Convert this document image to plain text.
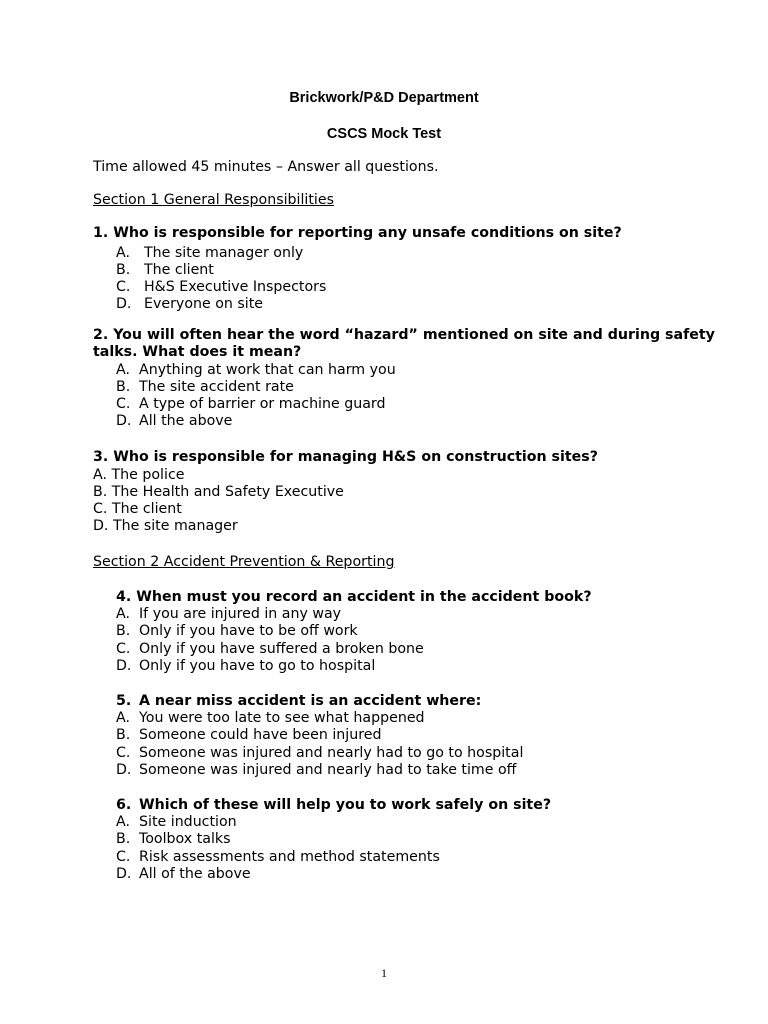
Brickwork/P&D Department
CSCS Mock Test
Time allowed 45 minutes – Answer all questions.
Section 1 General Responsibilities
1. Who is responsible for reporting any unsafe conditions on site?
A. The site manager only
B. The client
C. H&S Executive Inspectors
D. Everyone on site
2. You will often hear the word “hazard” mentioned on site and during safety
talks. What does it mean?
A. Anything at work that can harm you
B. The site accident rate
C. A type of barrier or machine guard
D. All the above
3. Who is responsible for managing H&S on construction sites?
A. The police
B. The Health and Safety Executive
C. The client
D. The site manager
Section 2 Accident Prevention & Reporting
4. When must you record an accident in the accident book?
A. If you are injured in any way
B. Only if you have to be off work
C. Only if you have suffered a broken bone
D. Only if you have to go to hospital
5. A near miss accident is an accident where:
A. You were too late to see what happened
B. Someone could have been injured
C. Someone was injured and nearly had to go to hospital
D. Someone was injured and nearly had to take time off
6. Which of these will help you to work safely on site?
A. Site induction
B. Toolbox talks
C. Risk assessments and method statements
D. All of the above
1
